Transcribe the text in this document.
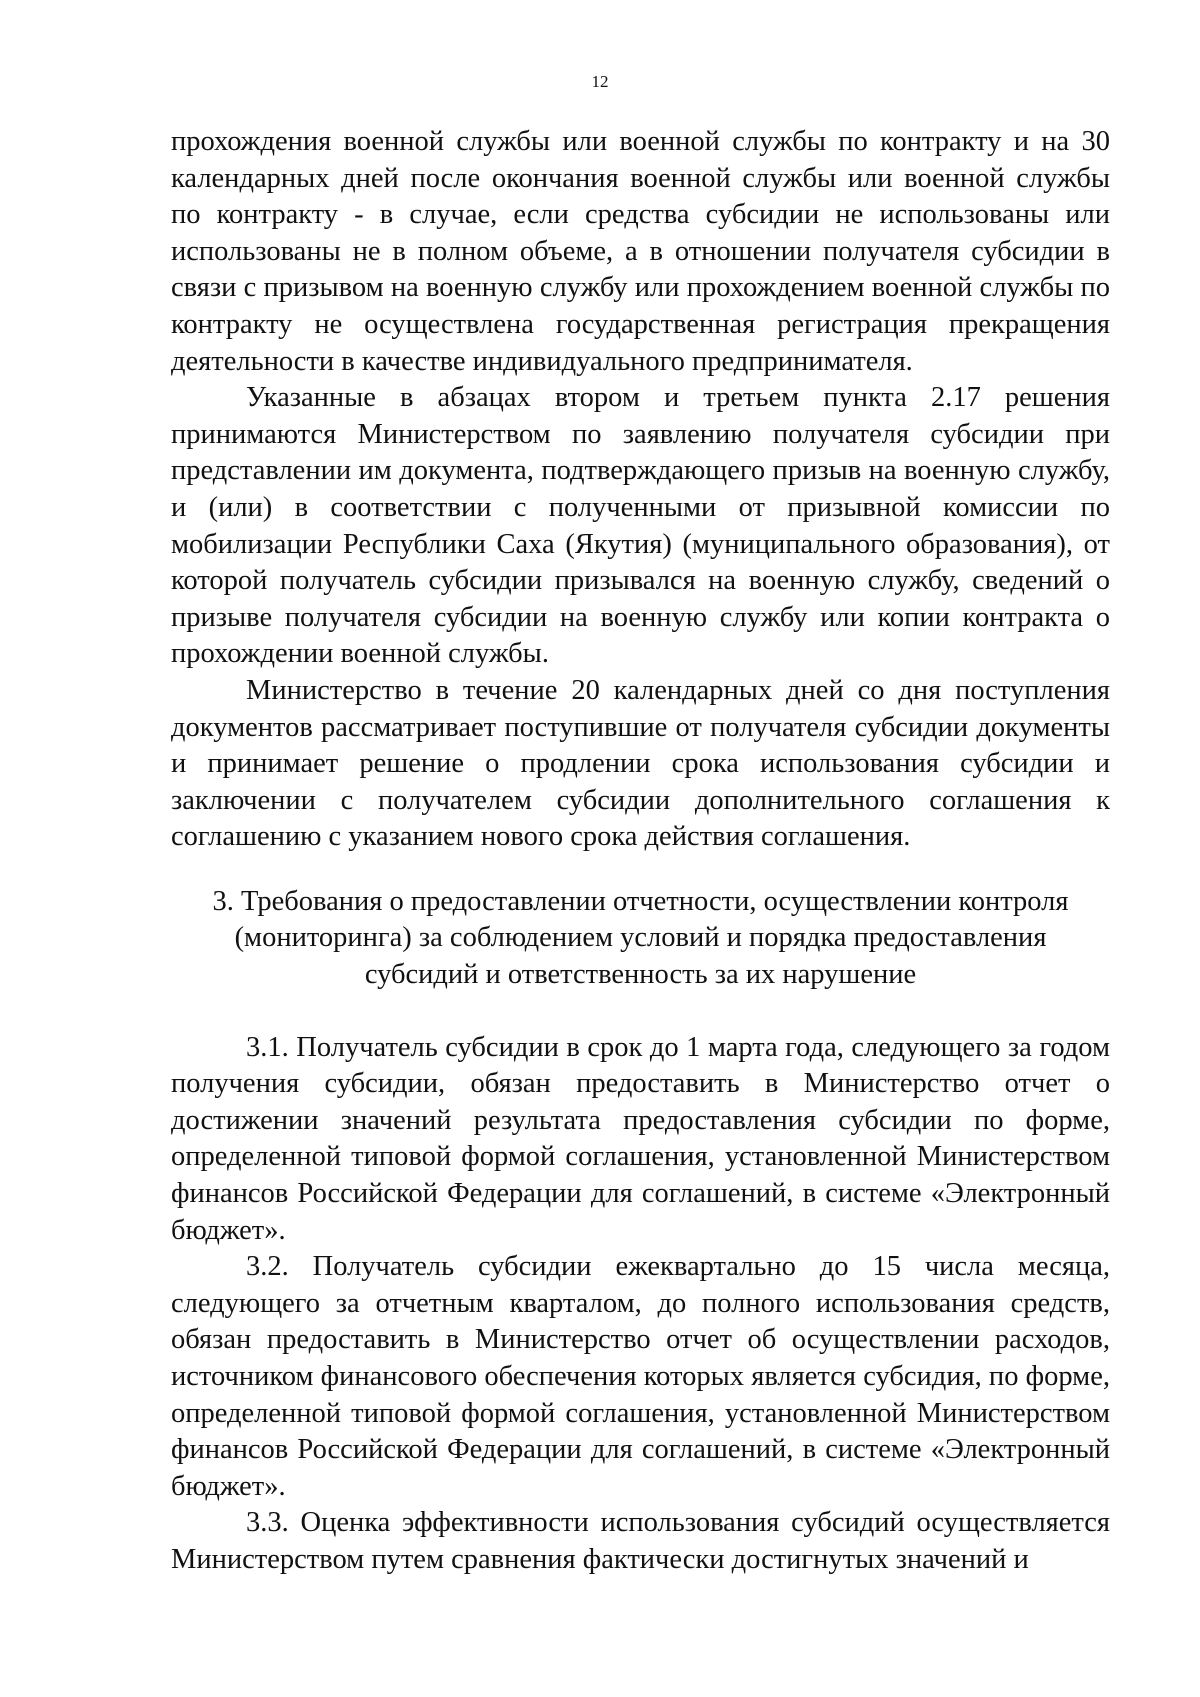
12

прохождения военной службы или военной службы по контракту и на 30 календарных дней после окончания военной службы или военной службы по контракту - в случае, если средства субсидии не использованы или использованы не в полном объеме, а в отношении получателя субсидии в связи с призывом на военную службу или прохождением военной службы по контракту не осуществлена государственная регистрация прекращения деятельности в качестве индивидуального предпринимателя.

Указанные в абзацах втором и третьем пункта 2.17 решения принимаются Министерством по заявлению получателя субсидии при представлении им документа, подтверждающего призыв на военную службу, и (или) в соответствии с полученными от призывной комиссии по мобилизации Республики Саха (Якутия) (муниципального образования), от которой получатель субсидии призывался на военную службу, сведений о призыве получателя субсидии на военную службу или копии контракта о прохождении военной службы.

Министерство в течение 20 календарных дней со дня поступления документов рассматривает поступившие от получателя субсидии документы и принимает решение о продлении срока использования субсидии и заключении с получателем субсидии дополнительного соглашения к соглашению с указанием нового срока действия соглашения.

3. Требования о предоставлении отчетности, осуществлении контроля (мониторинга) за соблюдением условий и порядка предоставления субсидий и ответственность за их нарушение

3.1. Получатель субсидии в срок до 1 марта года, следующего за годом получения субсидии, обязан предоставить в Министерство отчет о достижении значений результата предоставления субсидии по форме, определенной типовой формой соглашения, установленной Министерством финансов Российской Федерации для соглашений, в системе «Электронный бюджет».

3.2. Получатель субсидии ежеквартально до 15 числа месяца, следующего за отчетным кварталом, до полного использования средств, обязан предоставить в Министерство отчет об осуществлении расходов, источником финансового обеспечения которых является субсидия, по форме, определенной типовой формой соглашения, установленной Министерством финансов Российской Федерации для соглашений, в системе «Электронный бюджет».

3.3. Оценка эффективности использования субсидий осуществляется Министерством путем сравнения фактически достигнутых значений и
